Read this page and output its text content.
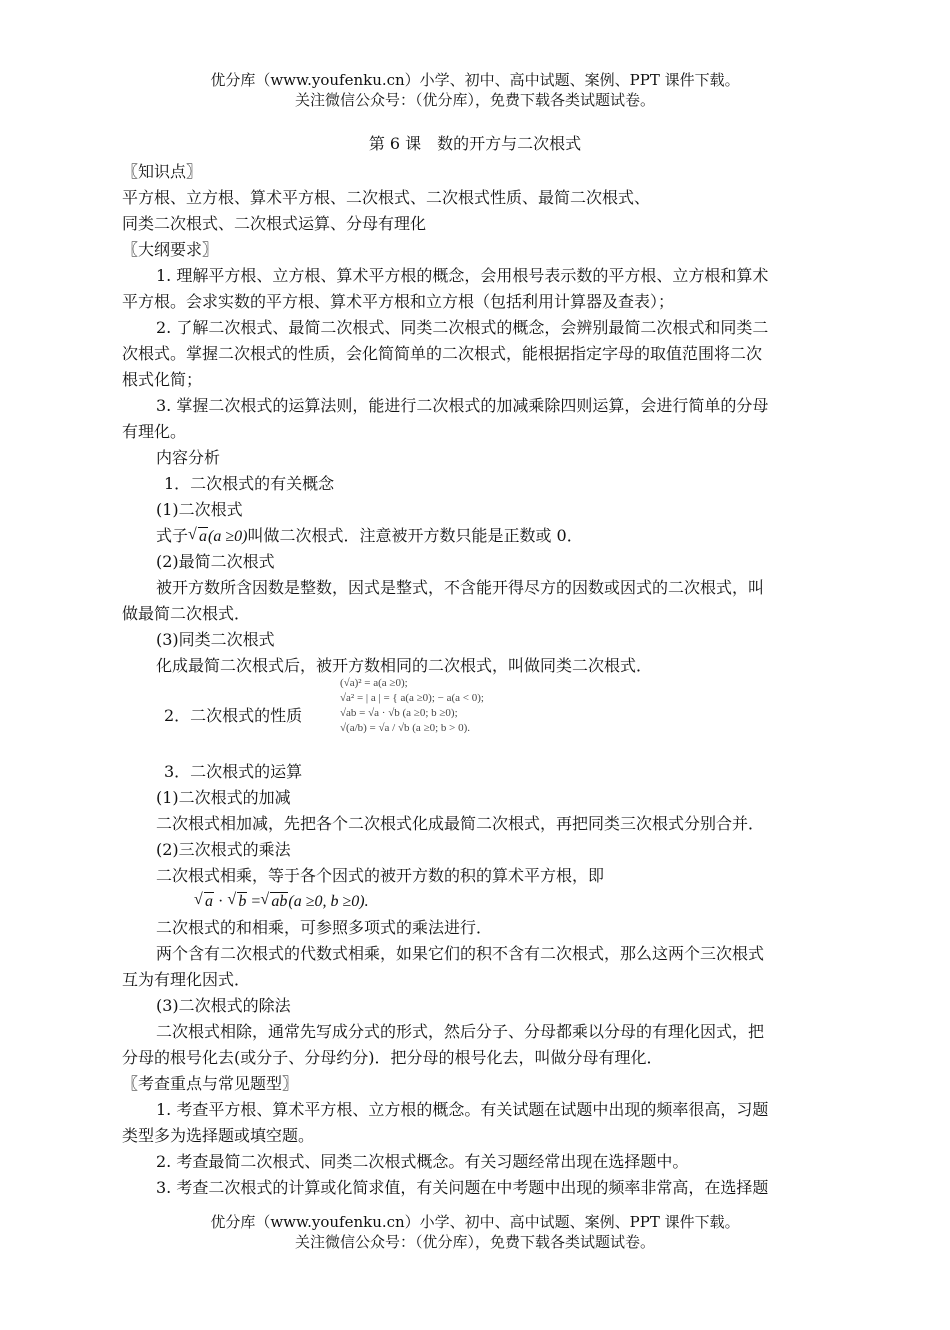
优分库（www.youfenku.cn）小学、初中、高中试题、案例、PPT 课件下载。
关注微信公众号：（优分库），免费下载各类试题试卷。
第 6 课　数的开方与二次根式
〖知识点〗
平方根、立方根、算术平方根、二次根式、二次根式性质、最简二次根式、
同类二次根式、二次根式运算、分母有理化
〖大纲要求〗
1. 理解平方根、立方根、算术平方根的概念，会用根号表示数的平方根、立方根和算术
平方根。会求实数的平方根、算术平方根和立方根（包括利用计算器及查表）；
2. 了解二次根式、最简二次根式、同类二次根式的概念，会辨别最简二次根式和同类二
次根式。掌握二次根式的性质，会化简简单的二次根式，能根据指定字母的取值范围将二次
根式化简；
3. 掌握二次根式的运算法则，能进行二次根式的加减乘除四则运算，会进行简单的分母
有理化。
内容分析
1．二次根式的有关概念
(1)二次根式
式子 √ a(a ≥0)叫做二次根式．注意被开方数只能是正数或 0．
(2)最简二次根式
被开方数所含因数是整数，因式是整式，不含能开得尽方的因数或因式的二次根式，叫
做最简二次根式．
(3)同类二次根式
化成最简二次根式后，被开方数相同的二次根式，叫做同类二次根式．
2．二次根式的性质
(√a)² = a(a ≥0);
√a² = | a | = { a(a ≥0); − a(a < 0);
√ab = √a · √b (a ≥0; b ≥0);
√(a/b) = √a / √b (a ≥0; b > 0).
3．二次根式的运算
(1)二次根式的加减
二次根式相加减，先把各个二次根式化成最简二次根式，再把同类三次根式分别合并．
(2)三次根式的乘法
二次根式相乘，等于各个因式的被开方数的积的算术平方根，即
√ a · √ b = √ ab(a ≥0, b ≥0).
二次根式的和相乘，可参照多项式的乘法进行．
两个含有二次根式的代数式相乘，如果它们的积不含有二次根式，那么这两个三次根式
互为有理化因式．
(3)二次根式的除法
二次根式相除，通常先写成分式的形式，然后分子、分母都乘以分母的有理化因式，把
分母的根号化去(或分子、分母约分)．把分母的根号化去，叫做分母有理化．
〖考查重点与常见题型〗
1. 考查平方根、算术平方根、立方根的概念。有关试题在试题中出现的频率很高，习题
类型多为选择题或填空题。
2. 考查最简二次根式、同类二次根式概念。有关习题经常出现在选择题中。
3. 考查二次根式的计算或化简求值，有关问题在中考题中出现的频率非常高，在选择题
优分库（www.youfenku.cn）小学、初中、高中试题、案例、PPT 课件下载。
关注微信公众号：（优分库），免费下载各类试题试卷。
